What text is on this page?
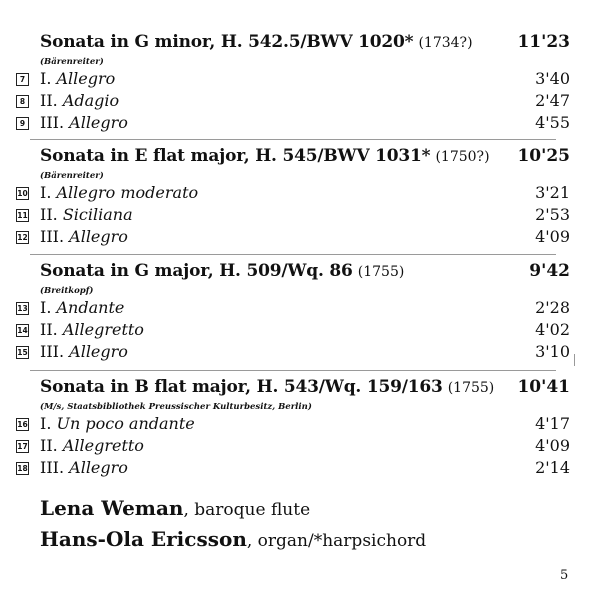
Sonata in G minor, H. 542.5/BWV 1020* (1734?)	11'23
(Bärenreiter)
7 I. Allegro	3'40
8 II. Adagio	2'47
9 III. Allegro	4'55
Sonata in E flat major, H. 545/BWV 1031* (1750?) 10'25
(Bärenreiter)
10 I. Allegro moderato	3'21
11 II. Siciliana	2'53
12 III. Allegro	4'09
Sonata in G major, H. 509/Wq. 86 (1755)	9'42
(Breitkopf)
13 I. Andante	2'28
14 II. Allegretto	4'02
15 III. Allegro	3'10
Sonata in B flat major, H. 543/Wq. 159/163 (1755) 10'41
(M/s, Staatsbibliothek Preussischer Kulturbesitz, Berlin)
16 I. Un poco andante	4'17
17 II. Allegretto	4'09
18 III. Allegro	2'14
Lena Weman, baroque flute
Hans-Ola Ericsson, organ/*harpsichord
5
